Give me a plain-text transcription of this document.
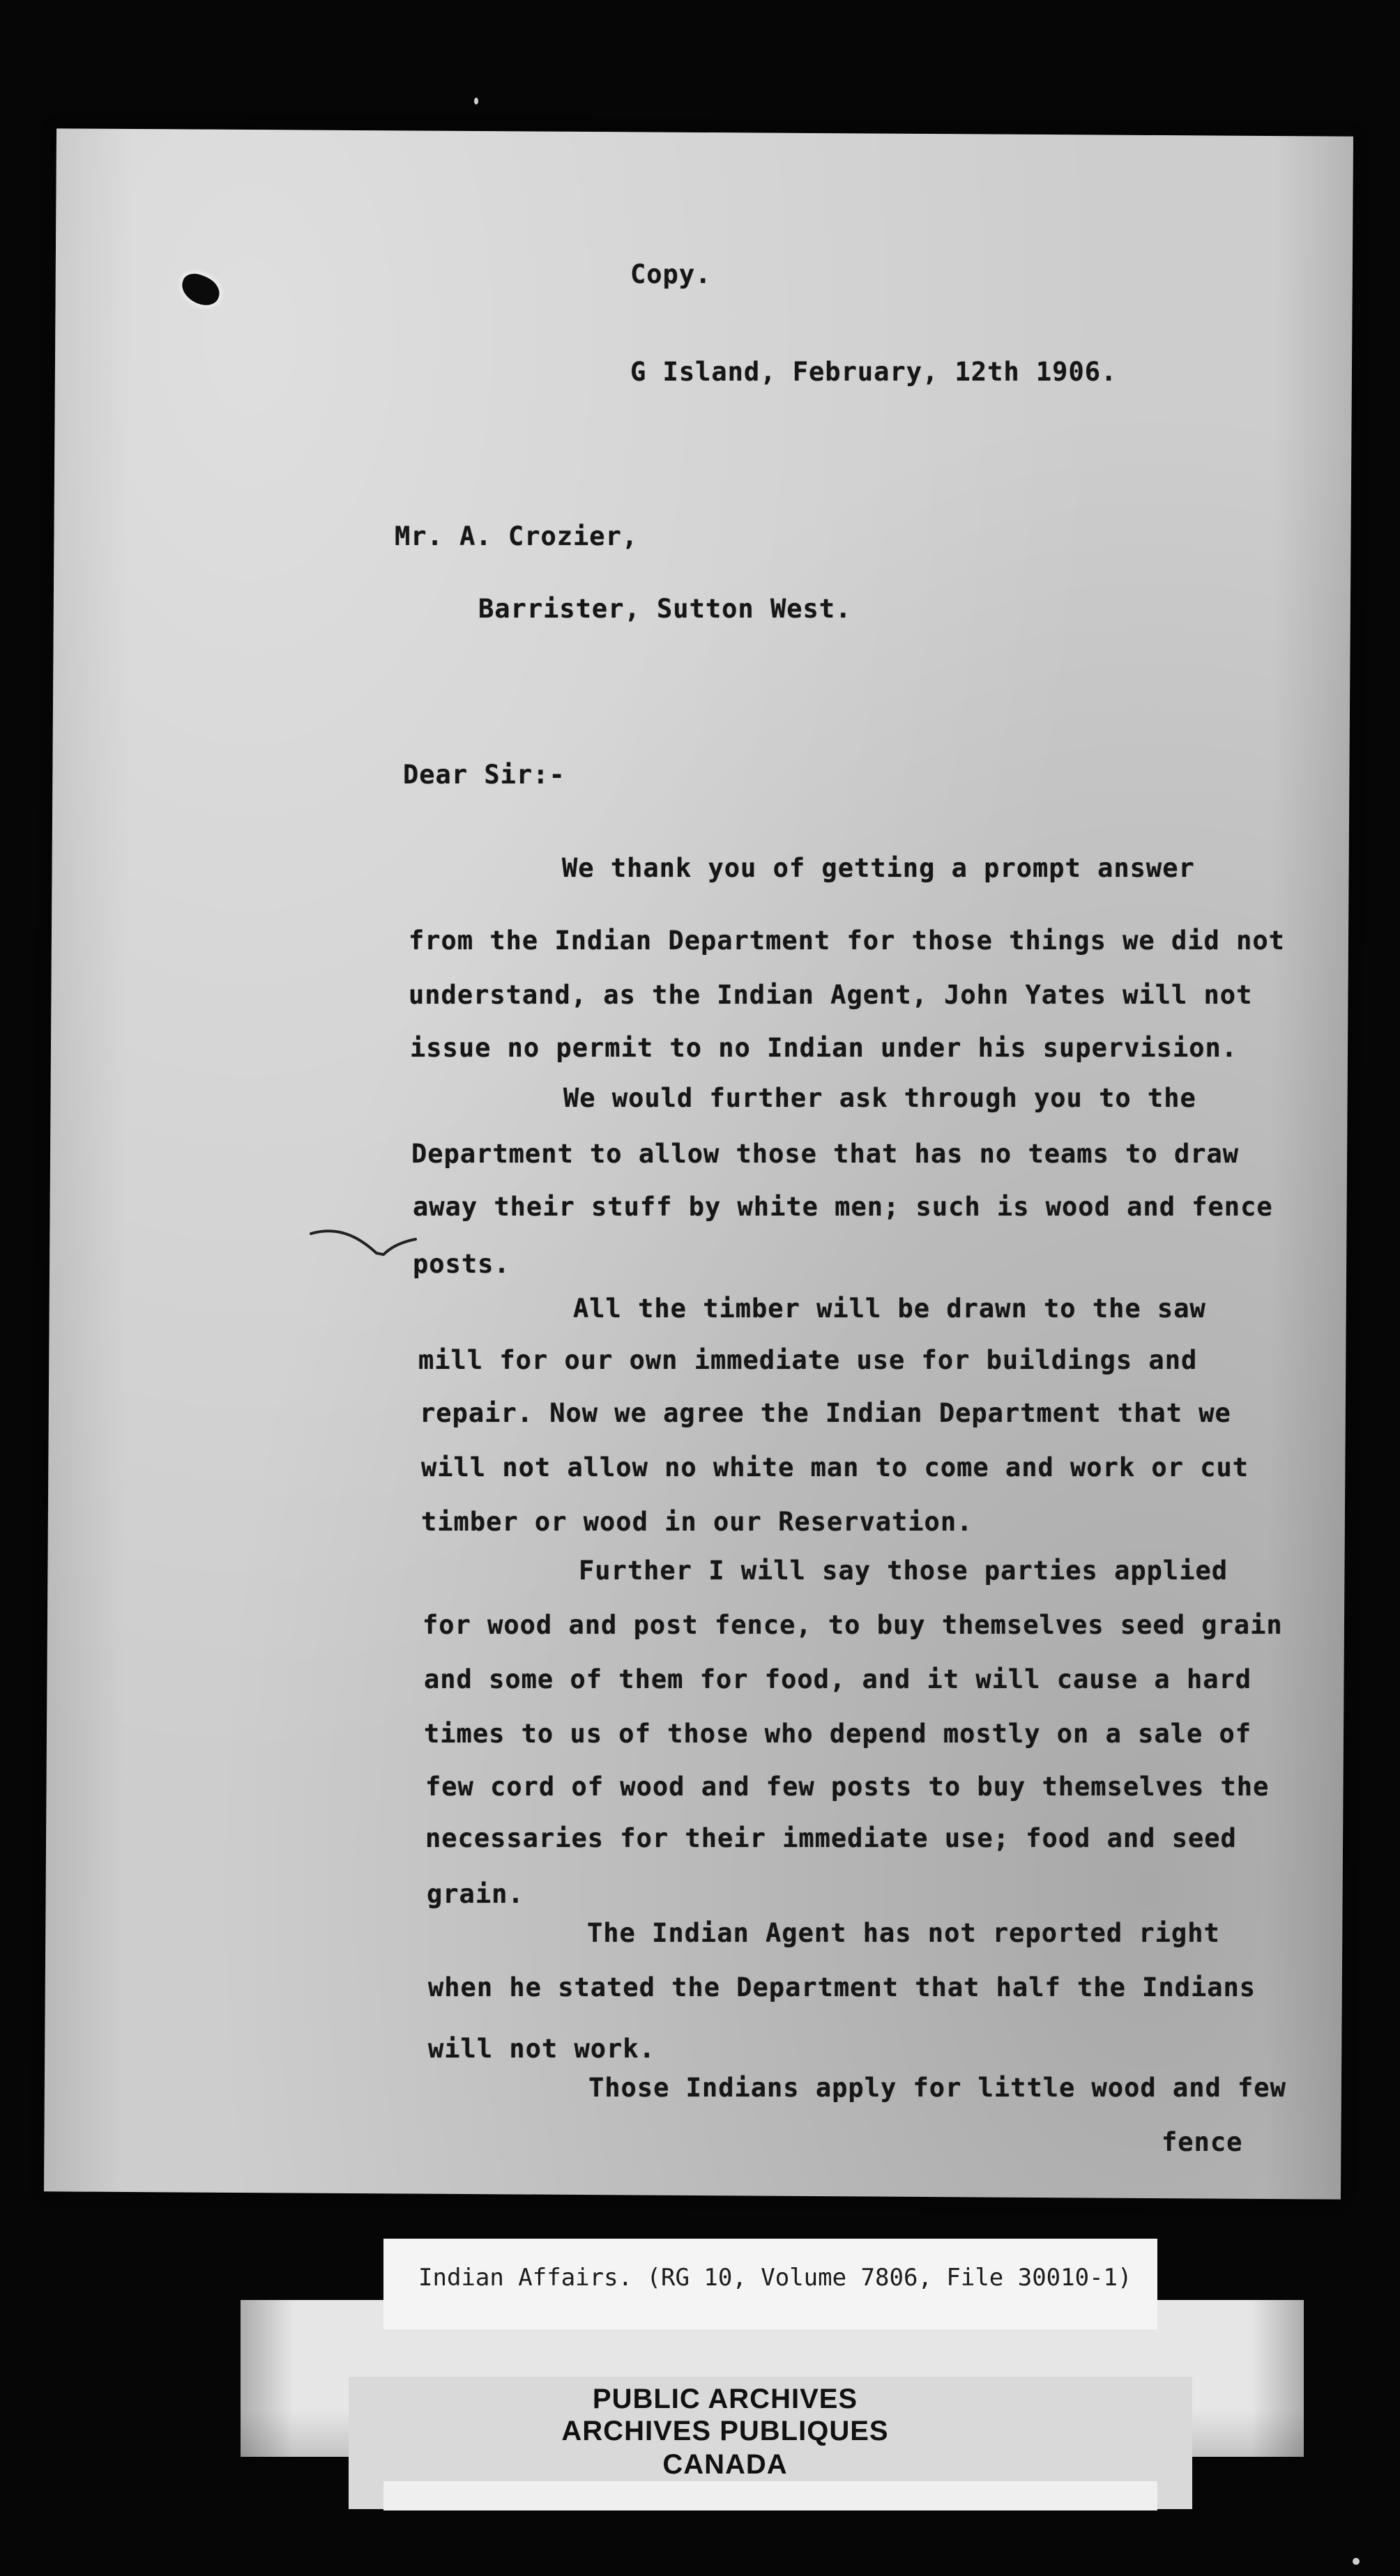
Copy.
G Island, February, 12th 1906.
Mr. A. Crozier,
Barrister, Sutton West.
Dear Sir:-
We thank you of getting a prompt answer
from the Indian Department for those things we did not
understand, as the Indian Agent, John Yates will not
issue no permit to no Indian under his supervision.
We would further ask through you to the
Department to allow those that has no teams to draw
away their stuff by white men; such is wood and fence
posts.
All the timber will be drawn to the saw
mill for our own immediate use for buildings and
repair. Now we agree the Indian Department that we
will not allow no white man to come and work or cut
timber or wood in our Reservation.
Further I will say those parties applied
for wood and post fence, to buy themselves seed grain
and some of them for food, and it will cause a hard
times to us of those who depend mostly on a sale of
few cord of wood and few posts to buy themselves the
necessaries for their immediate use; food and seed
grain.
The Indian Agent has not reported right
when he stated the Department that half the Indians
will not work.
Those Indians apply for little wood and few
fence
Indian Affairs. (RG 10, Volume 7806, File 30010-1)
PUBLIC ARCHIVES
ARCHIVES PUBLIQUES
CANADA
